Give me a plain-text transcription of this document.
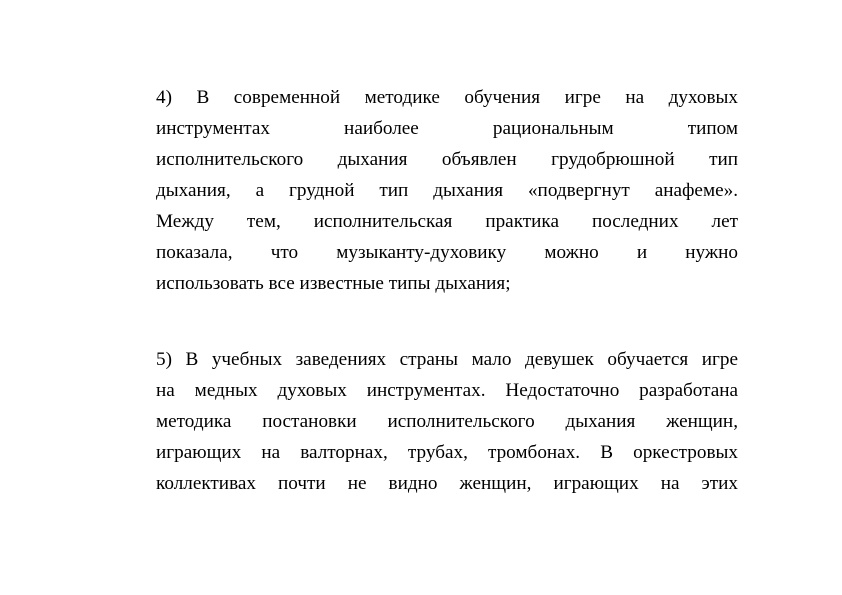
4) В современной методике обучения игре на духовых
инструментах наиболее рациональным типом
исполнительского дыхания объявлен грудобрюшной тип
дыхания, а грудной тип дыхания «подвергнут анафеме».
Между тем, исполнительская практика последних лет
показала, что музыканту-духовику можно и нужно
использовать все известные типы дыхания;
5) В учебных заведениях страны мало девушек обучается игре
на медных духовых инструментах. Недостаточно разработана
методика постановки исполнительского дыхания женщин,
играющих на валторнах, трубах, тромбонах. В оркестровых
коллективах почти не видно женщин, играющих на этих
